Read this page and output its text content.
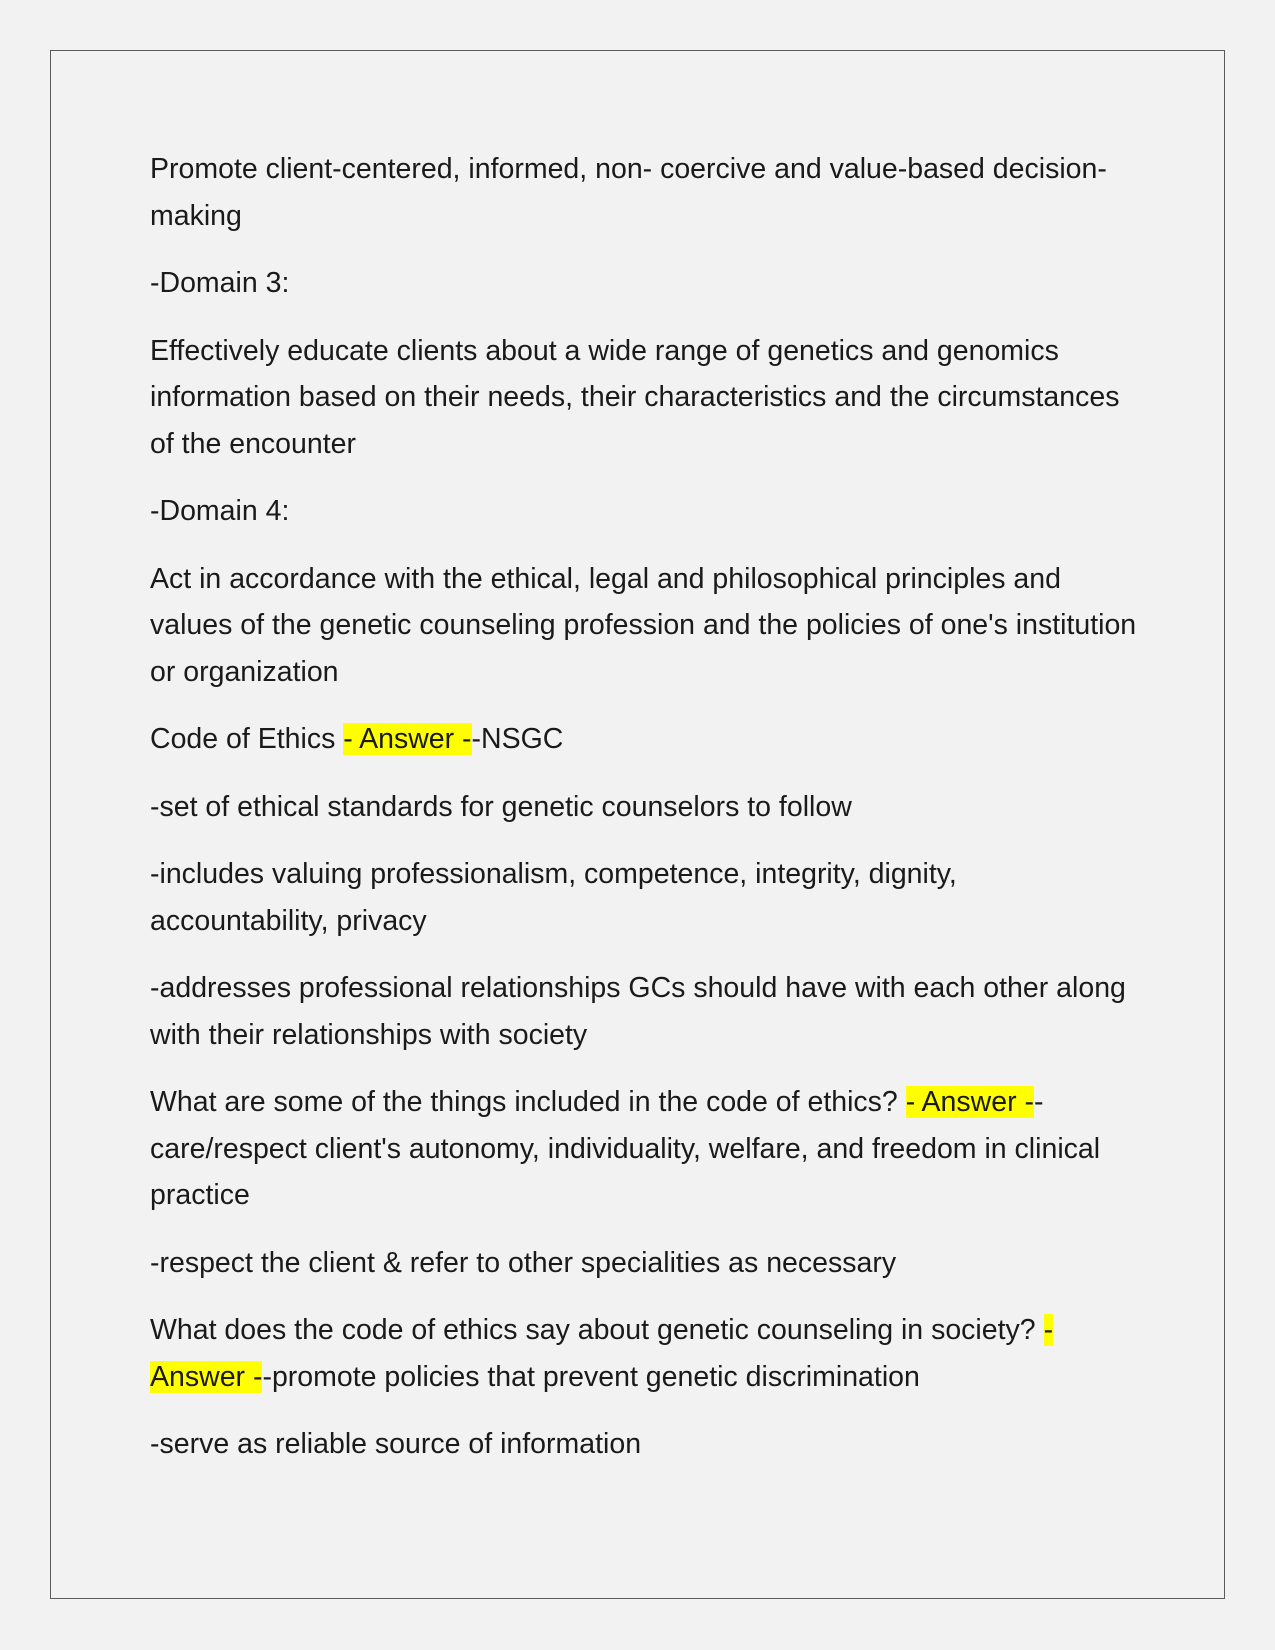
Promote client-centered, informed, non- coercive and value-based decision-making

-Domain 3:

Effectively educate clients about a wide range of genetics and genomics information based on their needs, their characteristics and the circumstances of the encounter

-Domain 4:

Act in accordance with the ethical, legal and philosophical principles and values of the genetic counseling profession and the policies of one's institution or organization

Code of Ethics - Answer --NSGC

-set of ethical standards for genetic counselors to follow

-includes valuing professionalism, competence, integrity, dignity, accountability, privacy

-addresses professional relationships GCs should have with each other along with their relationships with society

What are some of the things included in the code of ethics? - Answer --care/respect client's autonomy, individuality, welfare, and freedom in clinical practice

-respect the client & refer to other specialities as necessary

What does the code of ethics say about genetic counseling in society? - Answer --promote policies that prevent genetic discrimination

-serve as reliable source of information
